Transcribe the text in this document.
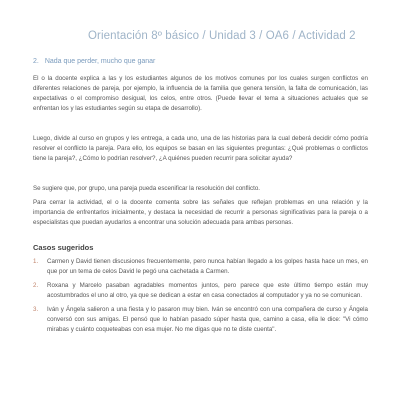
Orientación 8º básico / Unidad 3 / OA6 / Actividad 2
2. Nada que perder, mucho que ganar

El o la docente explica a las y los estudiantes algunos de los motivos comunes por los cuales surgen conflictos en diferentes relaciones de pareja, por ejemplo, la influencia de la familia que genera tensión, la falta de comunicación, las expectativas o el compromiso desigual, los celos, entre otros. (Puede llevar el tema a situaciones actuales que se enfrentan los y las estudiantes según su etapa de desarrollo).

Luego, divide al curso en grupos y les entrega, a cada uno, una de las historias para la cual deberá decidir cómo podría resolver el conflicto la pareja. Para ello, los equipos se basan en las siguientes preguntas: ¿Qué problemas o conflictos tiene la pareja?, ¿Cómo lo podrían resolver?, ¿A quiénes pueden recurrir para solicitar ayuda?

Se sugiere que, por grupo, una pareja pueda escenificar la resolución del conflicto.

Para cerrar la actividad, el o la docente comenta sobre las señales que reflejan problemas en una relación y la importancia de enfrentarlos inicialmente, y destaca la necesidad de recurrir a personas significativas para la pareja o a especialistas que puedan ayudarlos a encontrar una solución adecuada para ambas personas.

Casos sugeridos
1. Carmen y David tienen discusiones frecuentemente, pero nunca habían llegado a los golpes hasta hace un mes, en que por un tema de celos David le pegó una cachetada a Carmen.
2. Roxana y Marcelo pasaban agradables momentos juntos, pero parece que este último tiempo están muy acostumbrados el uno al otro, ya que se dedican a estar en casa conectados al computador y ya no se comunican.
3. Iván y Ángela salieron a una fiesta y lo pasaron muy bien. Iván se encontró con una compañera de curso y Ángela conversó con sus amigas. El pensó que lo habían pasado súper hasta que, camino a casa, ella le dice: "Vi cómo mirabas y cuánto coqueteabas con esa mujer. No me digas que no te diste cuenta".
